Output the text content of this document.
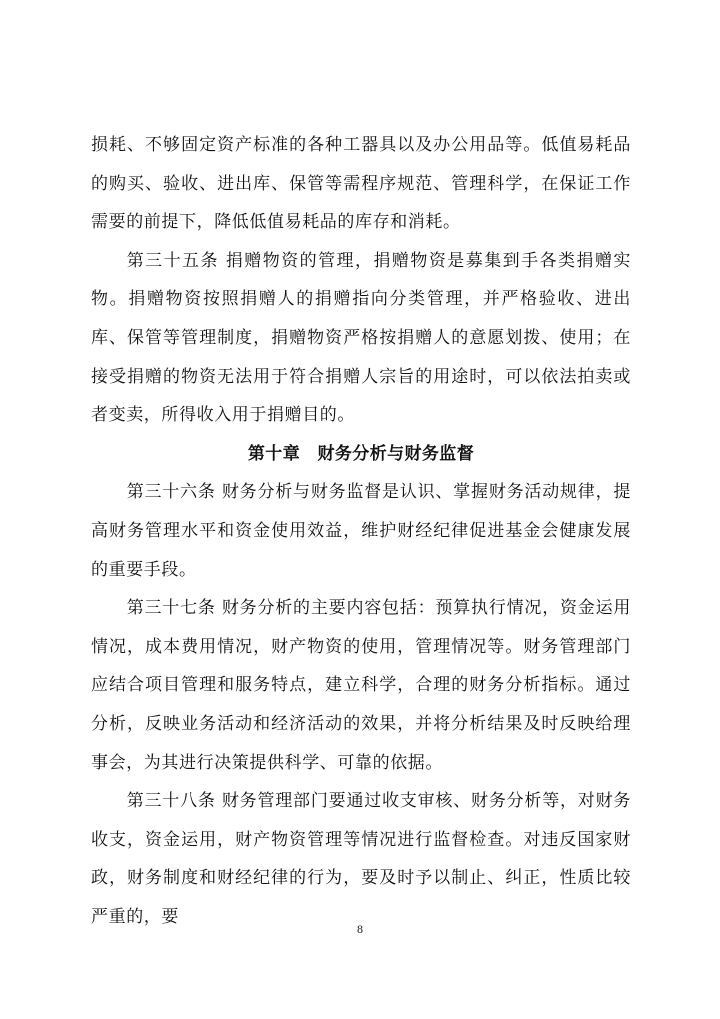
损耗、不够固定资产标准的各种工器具以及办公用品等。低值易耗品的购买、验收、进出库、保管等需程序规范、管理科学，在保证工作需要的前提下，降低低值易耗品的库存和消耗。

第三十五条 捐赠物资的管理，捐赠物资是募集到手各类捐赠实物。捐赠物资按照捐赠人的捐赠指向分类管理，并严格验收、进出库、保管等管理制度，捐赠物资严格按捐赠人的意愿划拨、使用；在接受捐赠的物资无法用于符合捐赠人宗旨的用途时，可以依法拍卖或者变卖，所得收入用于捐赠目的。

第十章　财务分析与财务监督

第三十六条 财务分析与财务监督是认识、掌握财务活动规律，提高财务管理水平和资金使用效益，维护财经纪律促进基金会健康发展的重要手段。

第三十七条 财务分析的主要内容包括：预算执行情况，资金运用情况，成本费用情况，财产物资的使用，管理情况等。财务管理部门应结合项目管理和服务特点，建立科学，合理的财务分析指标。通过分析，反映业务活动和经济活动的效果，并将分析结果及时反映给理事会，为其进行决策提供科学、可靠的依据。

第三十八条 财务管理部门要通过收支审核、财务分析等，对财务收支，资金运用，财产物资管理等情况进行监督检查。对违反国家财政，财务制度和财经纪律的行为，要及时予以制止、纠正，性质比较严重的，要

8
